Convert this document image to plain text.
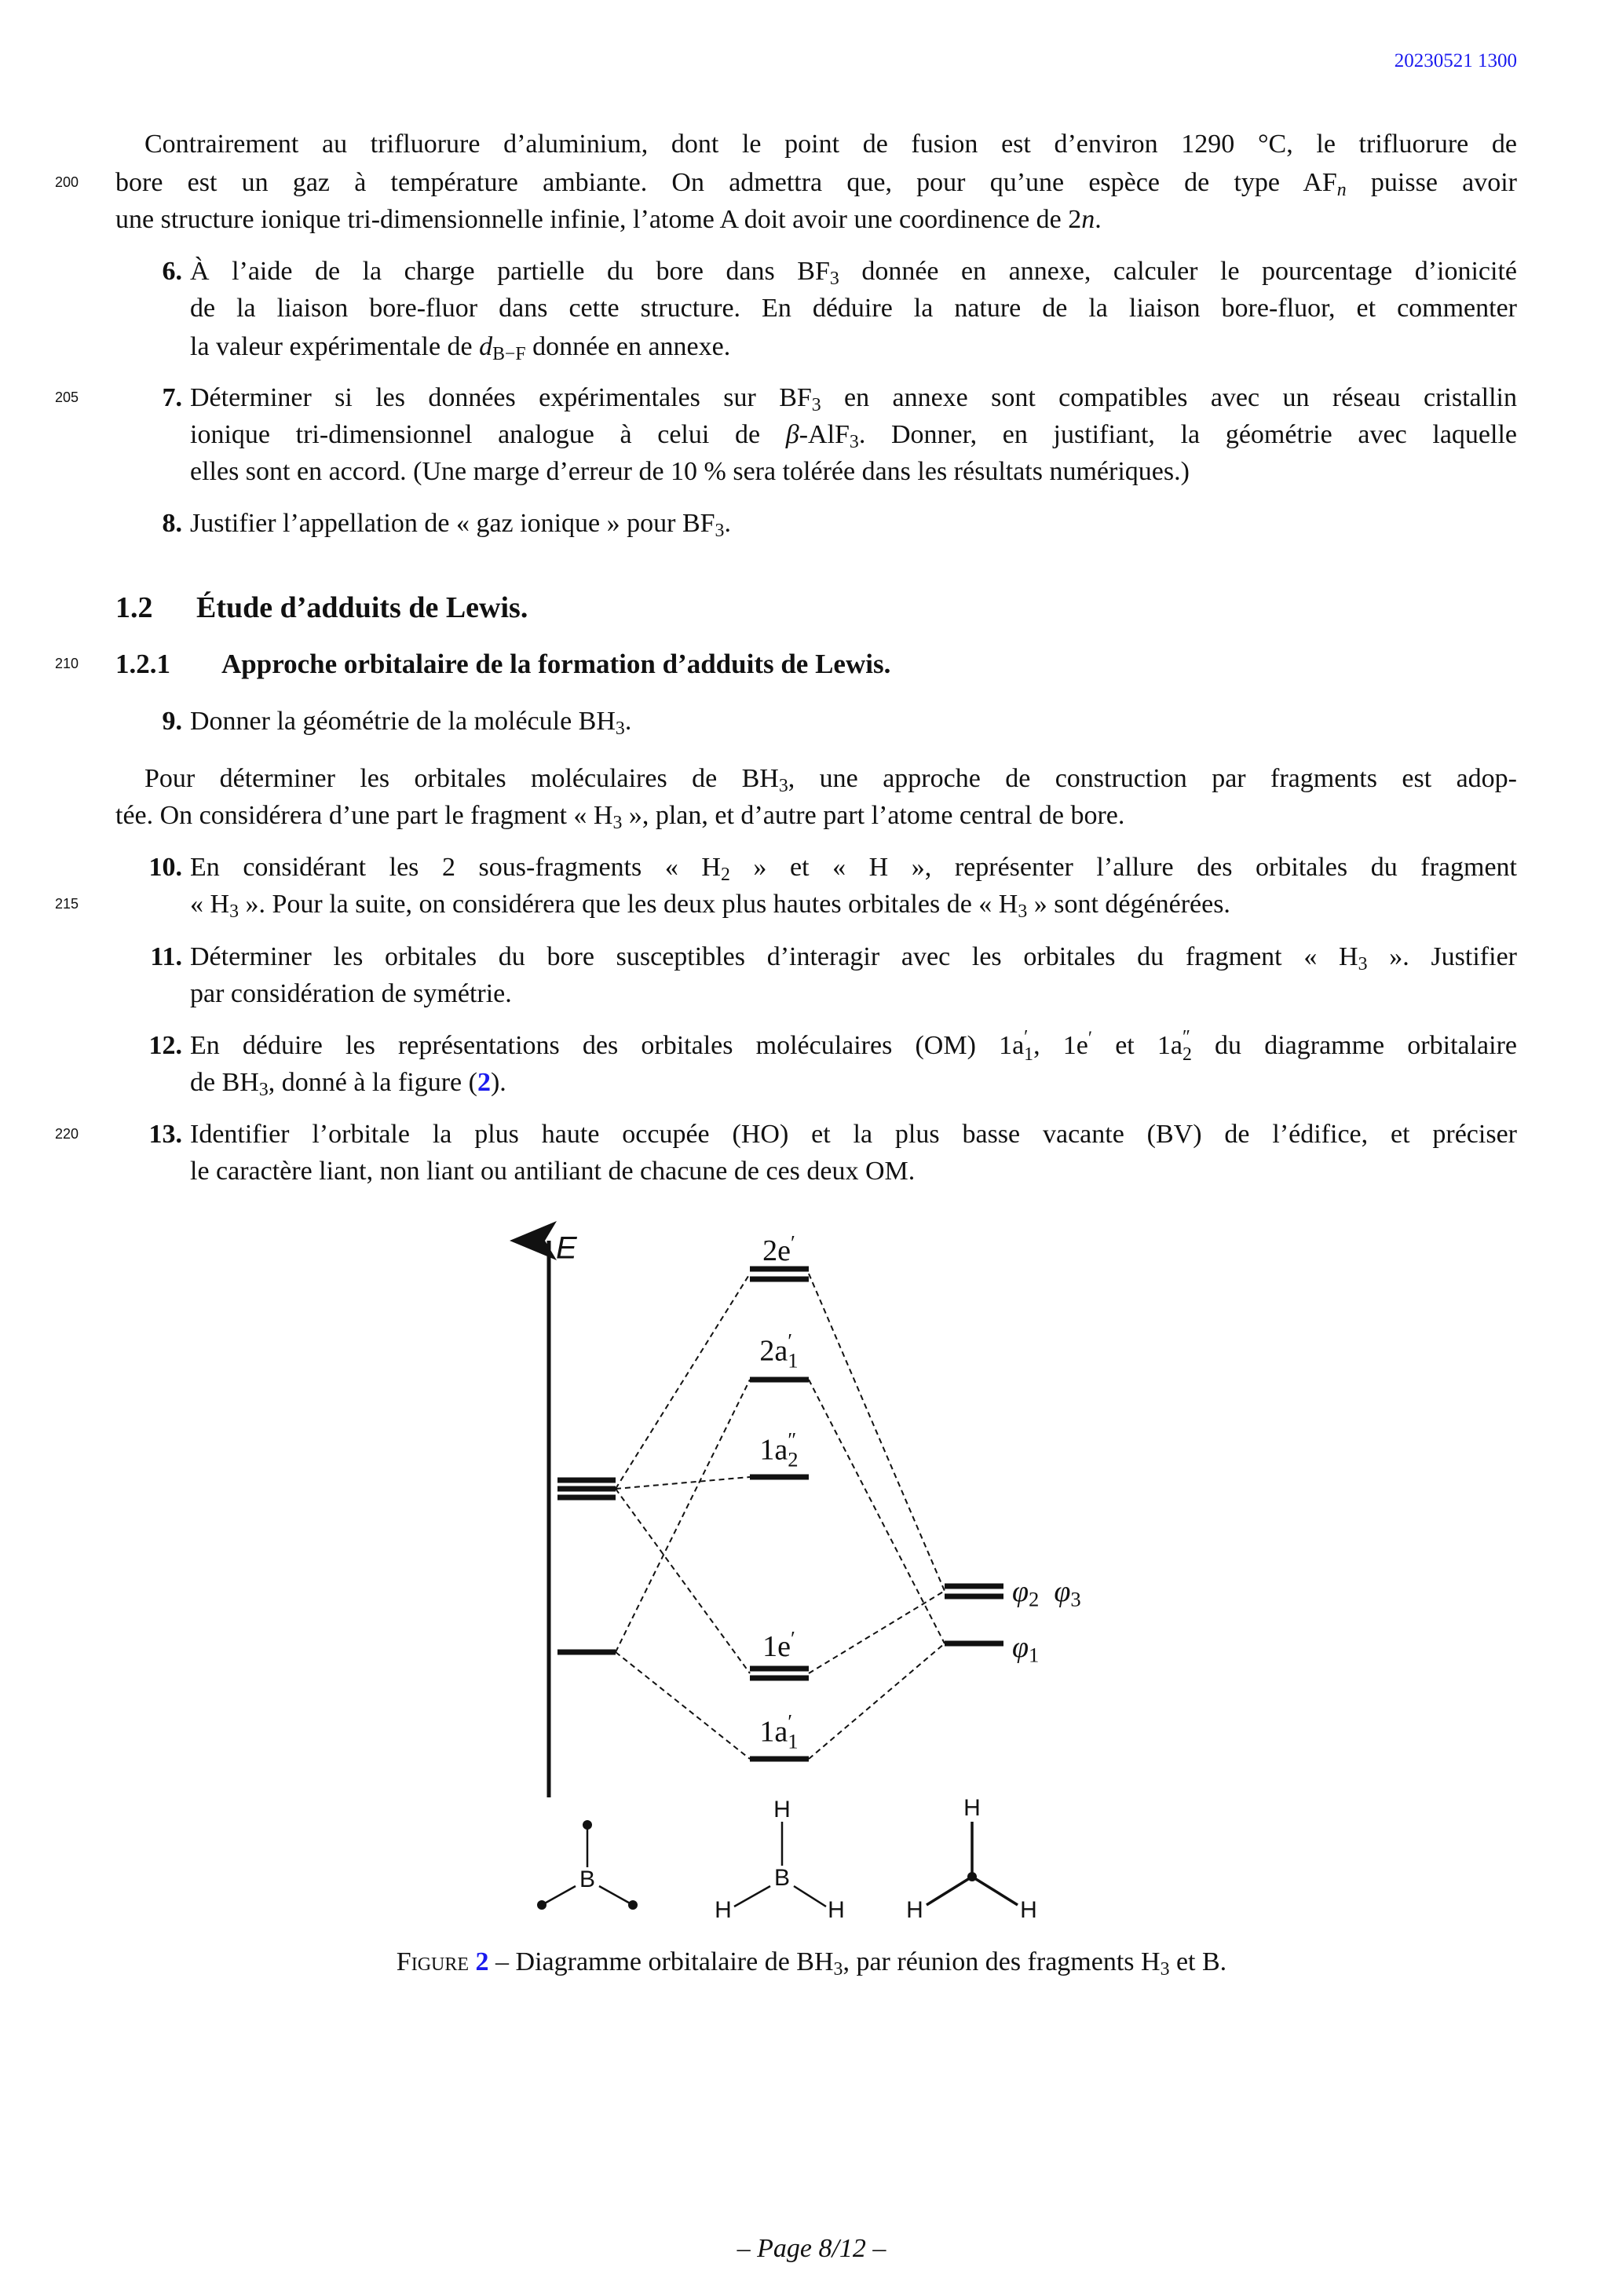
20230521 1300
200
205
210
215
220
Contrairement au trifluorure d’aluminium, dont le point de fusion est d’environ 1290 °C, le trifluorure de
bore est un gaz à température ambiante. On admettra que, pour qu’une espèce de type $AF_n$ puisse avoir
une structure ionique tri-dimensionnelle infinie, l’atome A doit avoir une coordinence de 2n.
6. À l’aide de la charge partielle du bore dans $BF_3$ donnée en annexe, calculer le pourcentage d’ionicité
de la liaison bore-fluor dans cette structure. En déduire la nature de la liaison bore-fluor, et commenter
la valeur expérimentale de $d_{B-F}$ donnée en annexe.
7. Déterminer si les données expérimentales sur $BF_3$ en annexe sont compatibles avec un réseau cristallin
ionique tri-dimensionnel analogue à celui de β-AlF$_3$. Donner, en justifiant, la géométrie avec laquelle
elles sont en accord. (Une marge d’erreur de 10 % sera tolérée dans les résultats numériques.)
8. Justifier l’appellation de « gaz ionique » pour $BF_3$.
1.2 Étude d’adduits de Lewis.
1.2.1 Approche orbitalaire de la formation d’adduits de Lewis.
9. Donner la géométrie de la molécule $BH_3$.
Pour déterminer les orbitales moléculaires de $BH_3$, une approche de construction par fragments est adop-
tée. On considérera d’une part le fragment « $H_3$ », plan, et d’autre part l’atome central de bore.
10. En considérant les 2 sous-fragments « $H_2$ » et « H », représenter l’allure des orbitales du fragment
« $H_3$ ». Pour la suite, on considérera que les deux plus hautes orbitales de « $H_3$ » sont dégénérées.
11. Déterminer les orbitales du bore susceptibles d’interagir avec les orbitales du fragment « $H_3$ ». Justifier
par considération de symétrie.
12. En déduire les représentations des orbitales moléculaires (OM) 1a ′
1 , 1e′ et 1a ″
2 du diagramme orbitalaire
de $BH_3$, donné à la figure (2).
13. Identifier l’orbitale la plus haute occupée (HO) et la plus basse vacante (BV) de l’édifice, et préciser
le caractère liant, non liant ou antiliant de chacune de ces deux OM.
E	2e′
2a ′
1
1a ″
2
1e′
1a ′
1
$\varphi_2$ $\varphi_3$
$\varphi_1$
B	B
H
H	H
H
H	H
Figure 2 – Diagramme orbitalaire de $BH_3$, par réunion des fragments $H_3$ et B.
– Page 8/12 –
